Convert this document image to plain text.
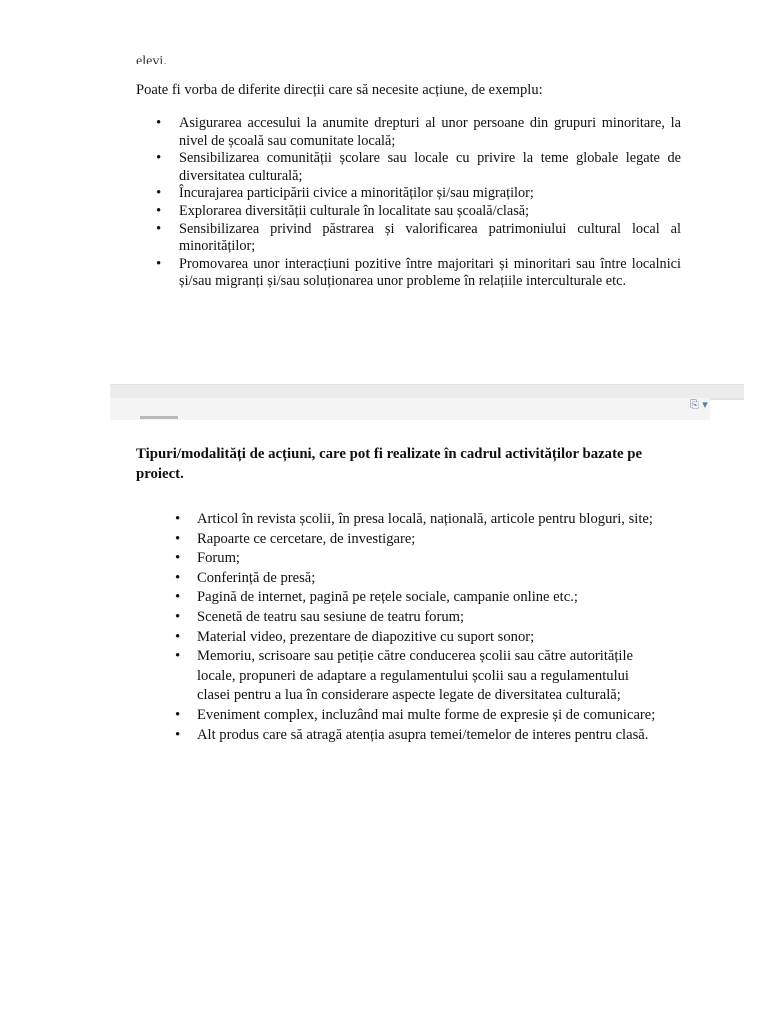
elevi.
Poate fi vorba de diferite direcții care să necesite acțiune, de exemplu:
• Asigurarea accesului la anumite drepturi al unor persoane din grupuri minoritare, la nivel de școală sau comunitate locală;
• Sensibilizarea comunității școlare sau locale cu privire la teme globale legate de diversitatea culturală;
• Încurajarea participării civice a minorităților și/sau migraților;
• Explorarea diversității culturale în localitate sau școală/clasă;
• Sensibilizarea privind păstrarea și valorificarea patrimoniului cultural local al minorităților;
• Promovarea unor interacțiuni pozitive între majoritari și minoritari sau între localnici și/sau migranți și/sau soluționarea unor probleme în relațiile interculturale etc.
⎘ ▾
Tipuri/modalități de acțiuni, care pot fi realizate în cadrul activităților bazate pe proiect.
• Articol în revista școlii, în presa locală, națională, articole pentru bloguri, site;
• Rapoarte ce cercetare, de investigare;
• Forum;
• Conferință de presă;
• Pagină de internet, pagină pe rețele sociale, campanie online etc.;
• Scenetă de teatru sau sesiune de teatru forum;
• Material video, prezentare de diapozitive cu suport sonor;
• Memoriu, scrisoare sau petiție către conducerea școlii sau către autoritățile locale, propuneri de adaptare a regulamentului școlii sau a regulamentului clasei pentru a lua în considerare aspecte legate de diversitatea culturală;
• Eveniment complex, incluzând mai multe forme de expresie și de comunicare;
• Alt produs care să atragă atenția asupra temei/temelor de interes pentru clasă.
